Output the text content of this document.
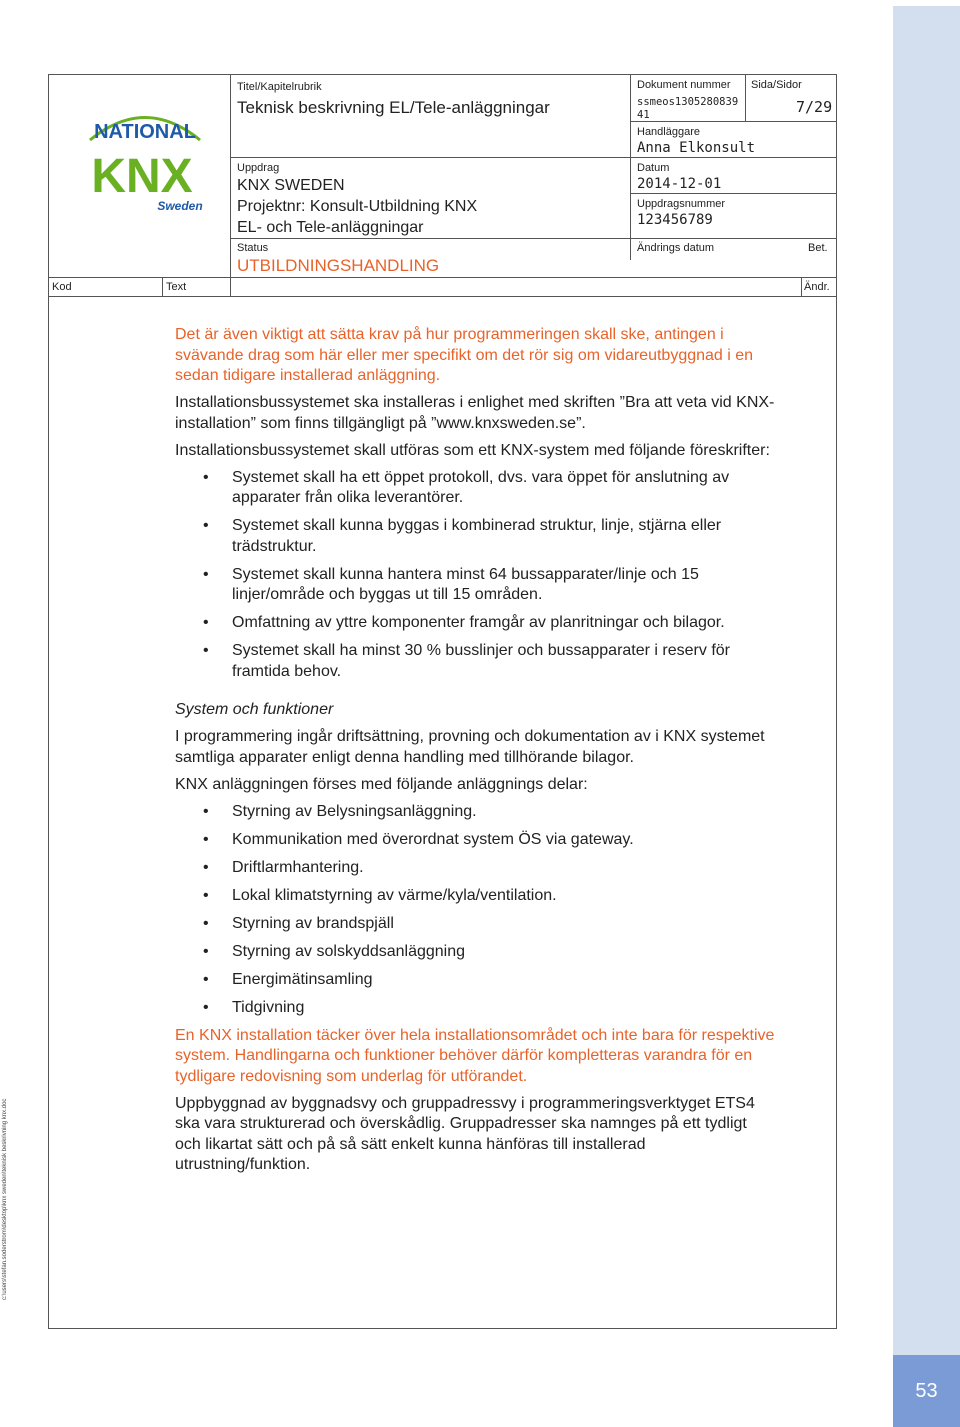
53
c:\users\stefan.soderstrom\desktop\knx sweden\teknisk beskrivning knx.doc
NATIONAL
KNX
Sweden
Titel/Kapitelrubrik
Teknisk beskrivning EL/Tele-anläggningar
Dokument nummer
ssmeos1305280839 41
Sida/Sidor
7/29
Handläggare
Anna Elkonsult
Uppdrag
KNX SWEDEN
Projektnr: Konsult-Utbildning KNX
EL- och Tele-anläggningar
Datum
2014-12-01
Uppdragsnummer
123456789
Status
UTBILDNINGSHANDLING
Ändrings datum	Bet.
Kod	Text	Ändr.

Det är även viktigt att sätta krav på hur programmeringen skall ske, antingen i svävande drag som här eller mer specifikt om det rör sig om vidareutbyggnad i en sedan tidigare installerad anläggning.

Installationsbussystemet ska installeras i enlighet med skriften ”Bra att veta vid KNX-installation” som finns tillgängligt på ”www.knxsweden.se”.

Installationsbussystemet skall utföras som ett KNX-system med följande föreskrifter:

• Systemet skall ha ett öppet protokoll, dvs. vara öppet för anslutning av apparater från olika leverantörer.
• Systemet skall kunna byggas i kombinerad struktur, linje, stjärna eller trädstruktur.
• Systemet skall kunna hantera minst 64 bussapparater/linje och 15 linjer/område och byggas ut till 15 områden.
• Omfattning av yttre komponenter framgår av planritningar och bilagor.
• Systemet skall ha minst 30 % busslinjer och bussapparater i reserv för framtida behov.

System och funktioner

I programmering ingår driftsättning, provning och dokumentation av i KNX systemet samtliga apparater enligt denna handling med tillhörande bilagor.

KNX anläggningen förses med följande anläggnings delar:

• Styrning av Belysningsanläggning.
• Kommunikation med överordnat system ÖS via gateway.
• Driftlarmhantering.
• Lokal klimatstyrning av värme/kyla/ventilation.
• Styrning av brandspjäll
• Styrning av solskyddsanläggning
• Energimätinsamling
• Tidgivning

En KNX installation täcker över hela installationsområdet och inte bara för respektive system. Handlingarna och funktioner behöver därför kompletteras varandra för en tydligare redovisning som underlag för utförandet.

Uppbyggnad av byggnadsvy och gruppadressvy i programmeringsverktyget ETS4 ska vara strukturerad och överskådlig. Gruppadresser ska namnges på ett tydligt och likartat sätt och på så sätt enkelt kunna hänföras till installerad utrustning/funktion.
